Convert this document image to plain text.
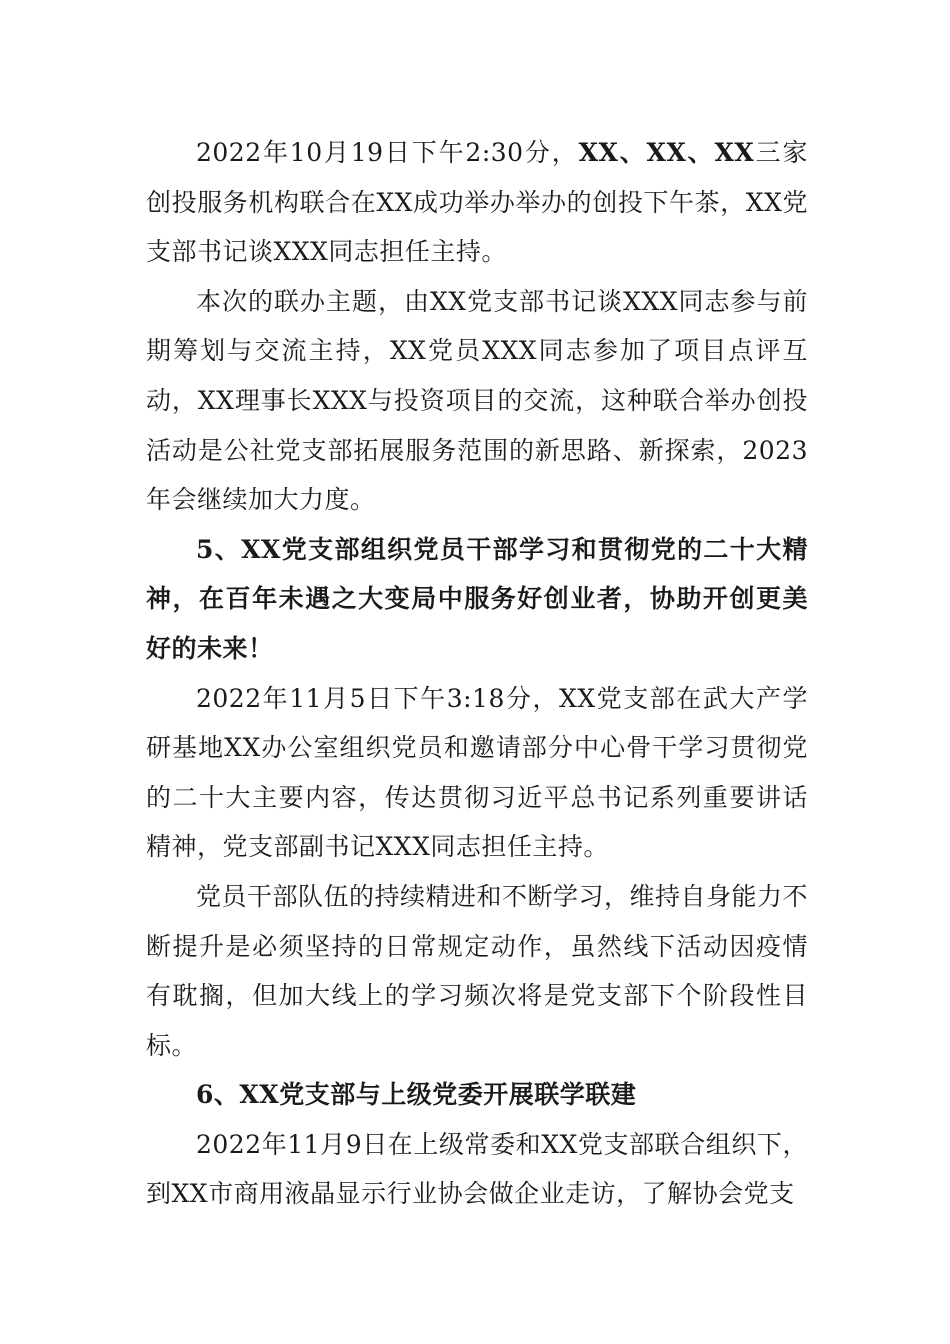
2022年10月19日下午2:30分，XX、XX、XX三家创投服务机构联合在XX成功举办举办的创投下午茶，XX党支部书记谈XXX同志担任主持。

本次的联办主题，由XX党支部书记谈XXX同志参与前期筹划与交流主持，XX党员XXX同志参加了项目点评互动，XX理事长XXX与投资项目的交流，这种联合举办创投活动是公社党支部拓展服务范围的新思路、新探索，2023年会继续加大力度。

5、XX党支部组织党员干部学习和贯彻党的二十大精神，在百年未遇之大变局中服务好创业者，协助开创更美好的未来！

2022年11月5日下午3:18分，XX党支部在武大产学研基地XX办公室组织党员和邀请部分中心骨干学习贯彻党的二十大主要内容，传达贯彻习近平总书记系列重要讲话精神，党支部副书记XXX同志担任主持。

党员干部队伍的持续精进和不断学习，维持自身能力不断提升是必须坚持的日常规定动作，虽然线下活动因疫情有耽搁，但加大线上的学习频次将是党支部下个阶段性目标。

6、XX党支部与上级党委开展联学联建

2022年11月9日在上级常委和XX党支部联合组织下，到XX市商用液晶显示行业协会做企业走访，了解协会党支
